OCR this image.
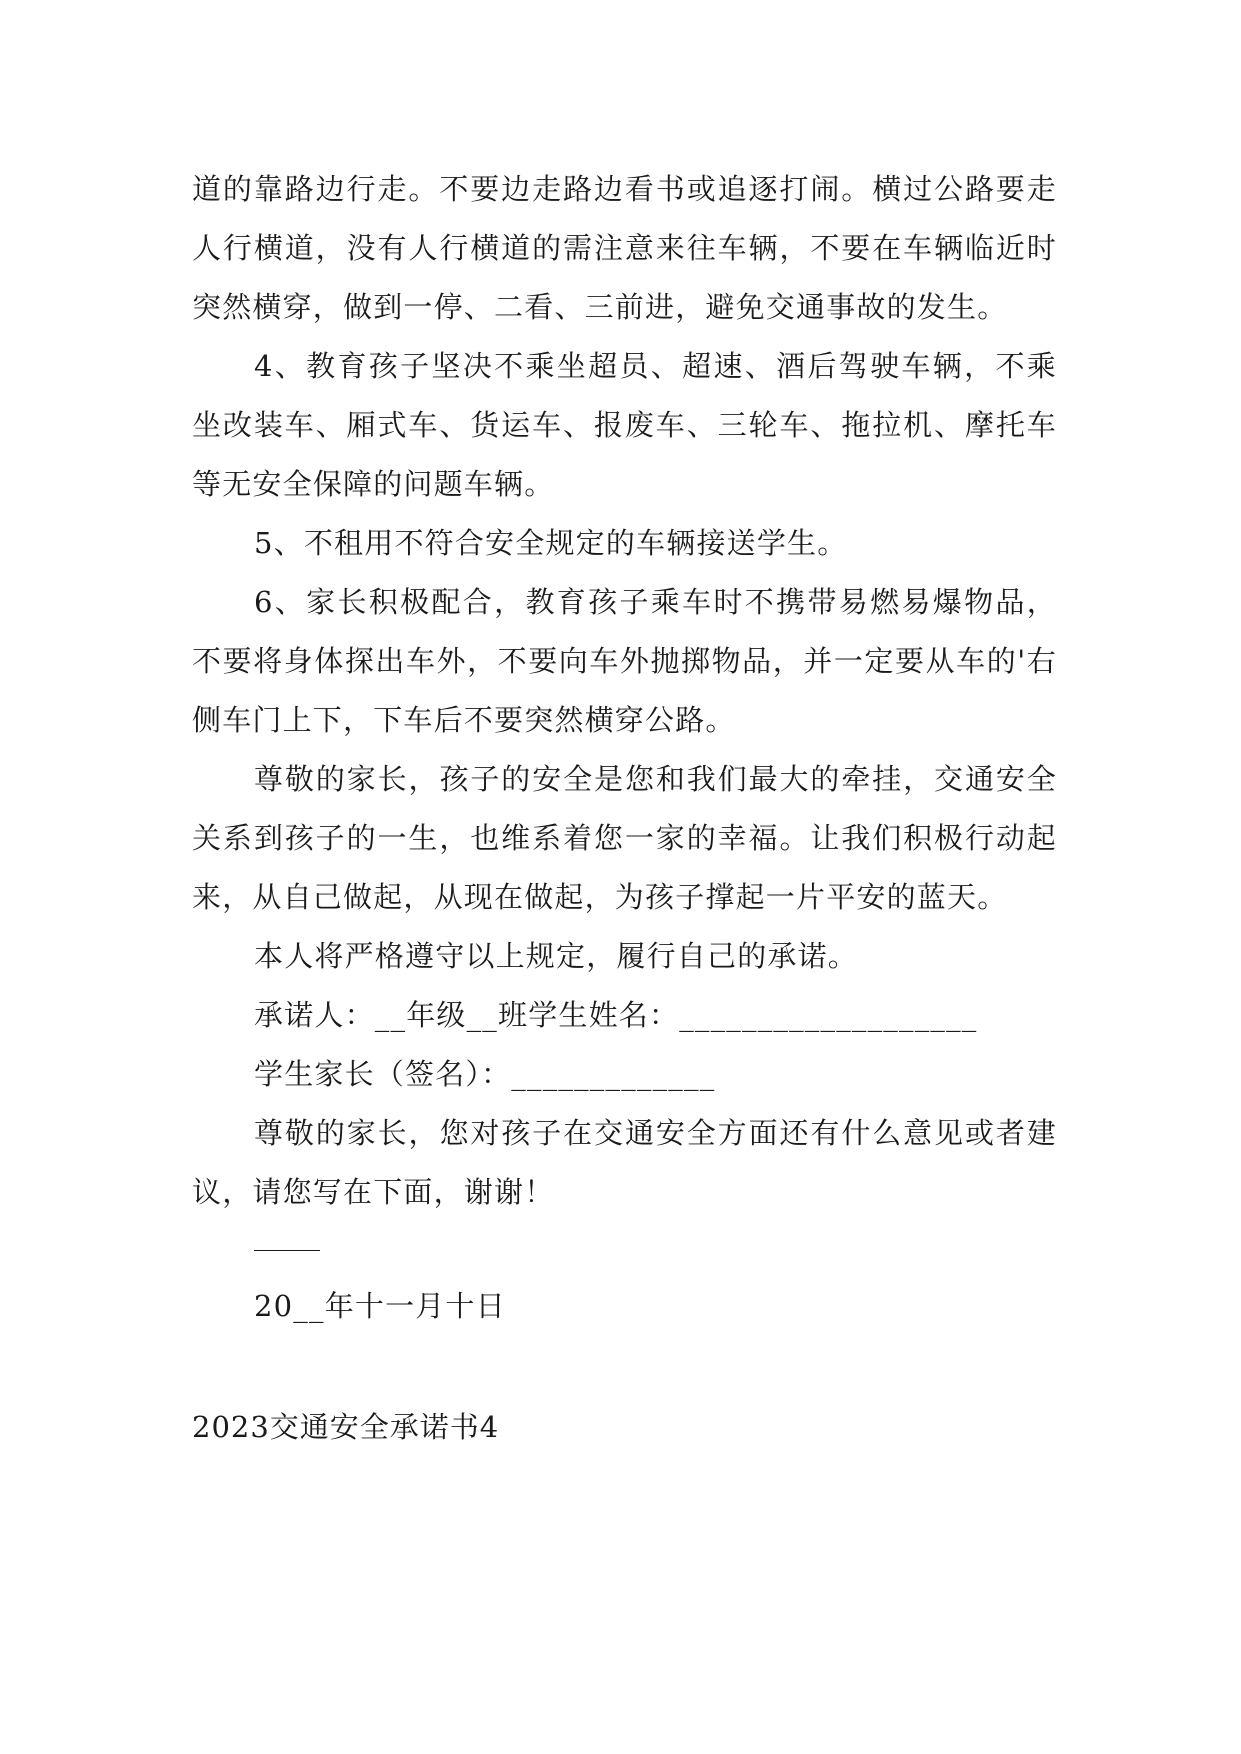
道的靠路边行走。不要边走路边看书或追逐打闹。横过公路要走人行横道，没有人行横道的需注意来往车辆，不要在车辆临近时突然横穿，做到一停、二看、三前进，避免交通事故的发生。

4、教育孩子坚决不乘坐超员、超速、酒后驾驶车辆，不乘坐改装车、厢式车、货运车、报废车、三轮车、拖拉机、摩托车等无安全保障的问题车辆。

5、不租用不符合安全规定的车辆接送学生。

6、家长积极配合，教育孩子乘车时不携带易燃易爆物品，不要将身体探出车外，不要向车外抛掷物品，并一定要从车的'右侧车门上下，下车后不要突然横穿公路。

尊敬的家长，孩子的安全是您和我们最大的牵挂，交通安全关系到孩子的一生，也维系着您一家的幸福。让我们积极行动起来，从自己做起，从现在做起，为孩子撑起一片平安的蓝天。

本人将严格遵守以上规定，履行自己的承诺。

承诺人：__年级__班学生姓名：___________________

学生家长（签名）：_____________

尊敬的家长，您对孩子在交通安全方面还有什么意见或者建议，请您写在下面，谢谢！

20__年十一月十日

2023交通安全承诺书4
